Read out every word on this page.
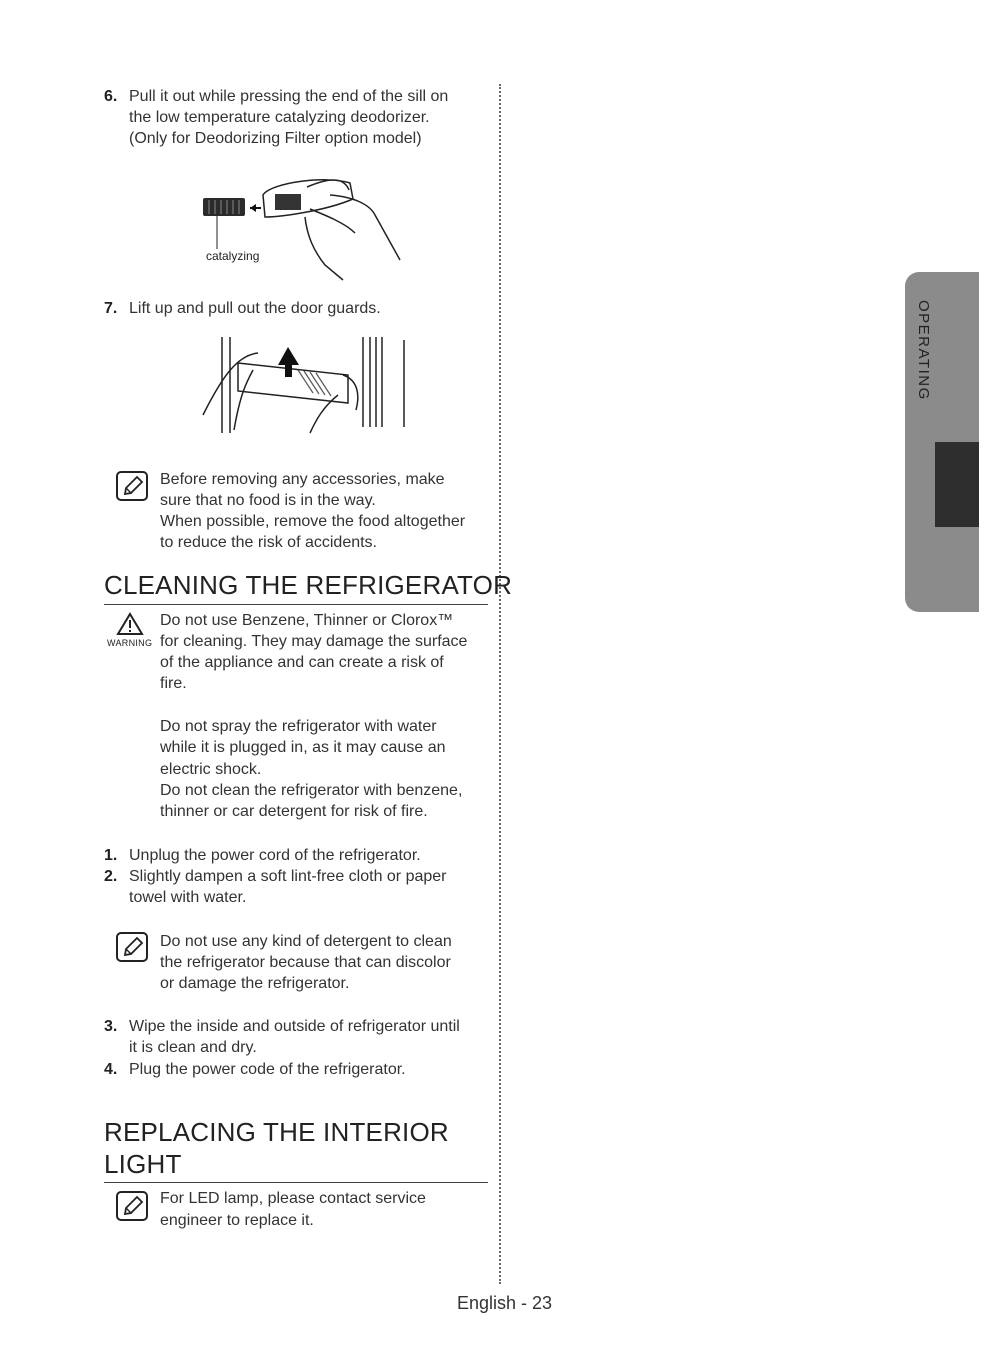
6. Pull it out while pressing the end of the sill on
the low temperature catalyzing deodorizer.
(Only for Deodorizing Filter option model)
catalyzing
7. Lift up and pull out the door guards.
Before removing any accessories, make
sure that no food is in the way.
When possible, remove the food altogether
to reduce the risk of accidents.
CLEANING THE REFRIGERATOR
WARNING
Do not use Benzene, Thinner or Clorox™
for cleaning. They may damage the surface
of the appliance and can create a risk of
fire.
Do not spray the refrigerator with water
while it is plugged in, as it may cause an
electric shock.
Do not clean the refrigerator with benzene,
thinner or car detergent for risk of fire.
1. Unplug the power cord of the refrigerator.
2. Slightly dampen a soft lint-free cloth or paper
towel with water.
Do not use any kind of detergent to clean
the refrigerator because that can discolor
or damage the refrigerator.
3. Wipe the inside and outside of refrigerator until
it is clean and dry.
4. Plug the power code of the refrigerator.
REPLACING THE INTERIOR
LIGHT
For LED lamp, please contact service
engineer to replace it.
OPERATING
English - 23
